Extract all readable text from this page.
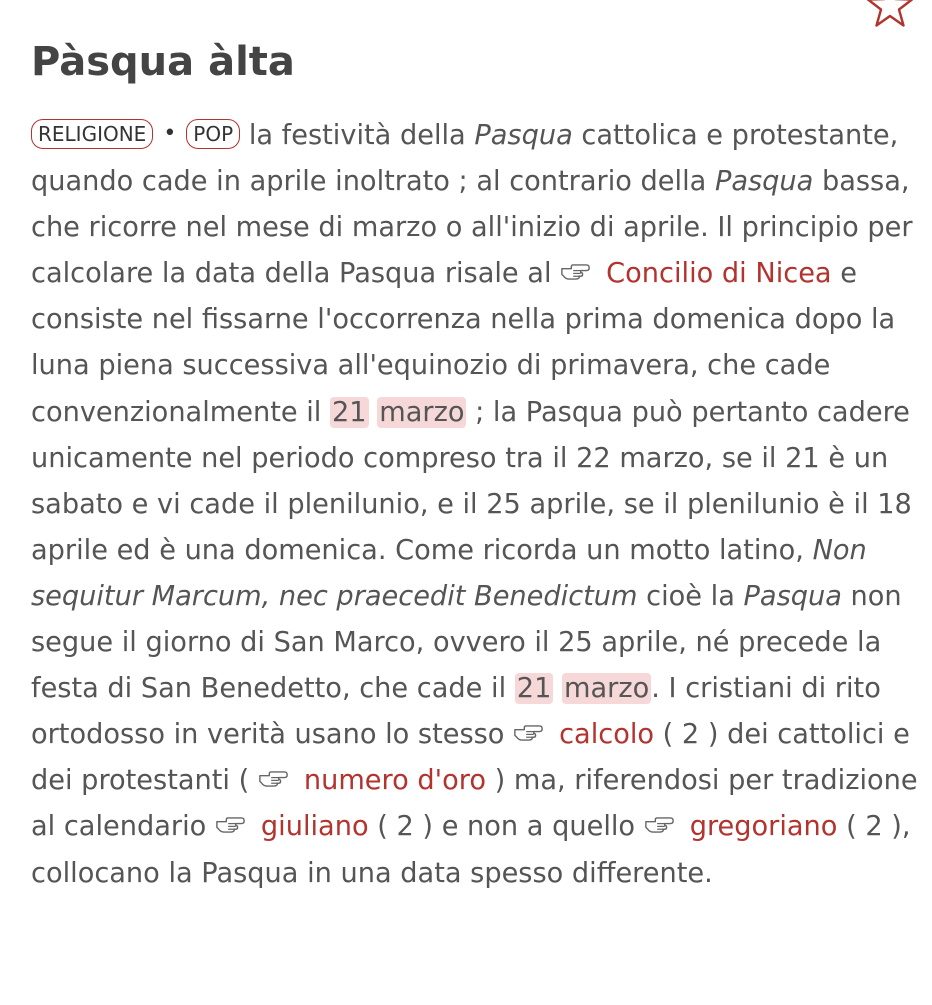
Pàsqua àlta
RELIGIONE • POP la festività della Pasqua cattolica e protestante, quando cade in aprile inoltrato ; al contrario della Pasqua bassa, che ricorre nel mese di marzo o all'inizio di aprile. Il principio per calcolare la data della Pasqua risale al Concilio di Nicea e consiste nel fissarne l'occorrenza nella prima domenica dopo la luna piena successiva all'equinozio di primavera, che cade convenzionalmente il 21 marzo ; la Pasqua può pertanto cadere unicamente nel periodo compreso tra il 22 marzo, se il 21 è un sabato e vi cade il plenilunio, e il 25 aprile, se il plenilunio è il 18 aprile ed è una domenica. Come ricorda un motto latino, Non sequitur Marcum, nec praecedit Benedictum cioè la Pasqua non segue il giorno di San Marco, ovvero il 25 aprile, né precede la festa di San Benedetto, che cade il 21 marzo. I cristiani di rito ortodosso in verità usano lo stesso calcolo ( 2 ) dei cattolici e dei protestanti ( numero d'oro ) ma, riferendosi per tradizione al calendario giuliano ( 2 ) e non a quello gregoriano ( 2 ), collocano la Pasqua in una data spesso differente.
